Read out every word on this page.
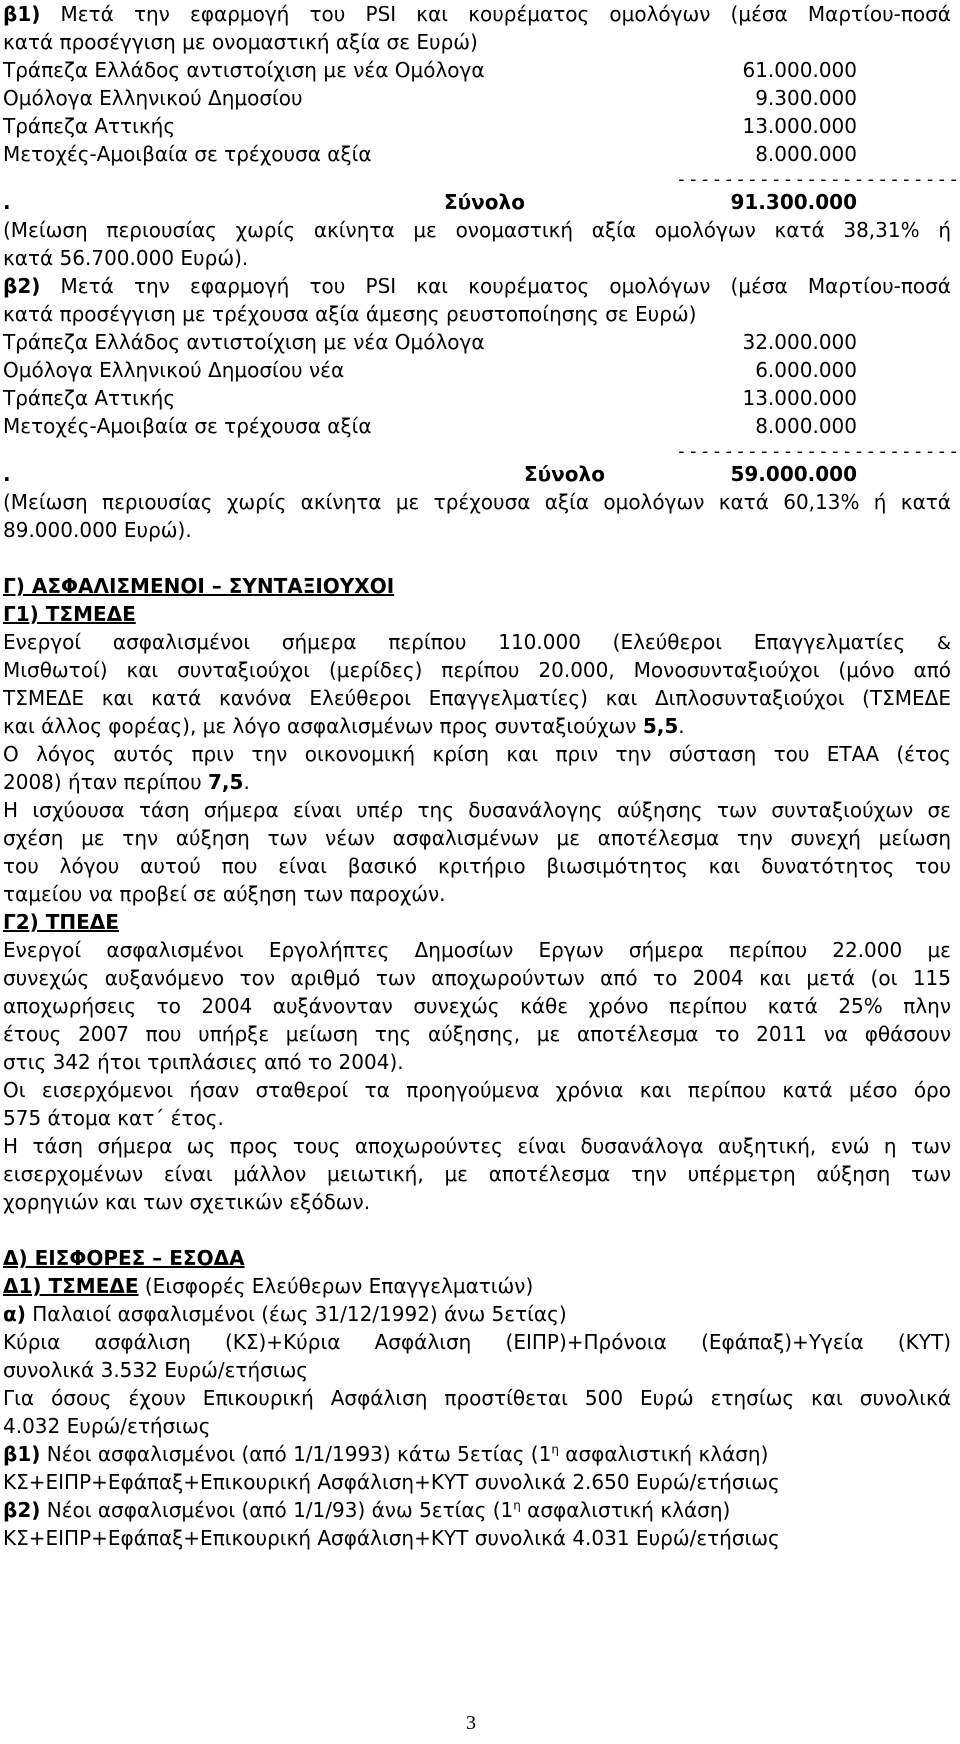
β1) Μετά την εφαρμογή του PSI και κουρέματος ομολόγων (μέσα Μαρτίου-ποσά
κατά προσέγγιση με ονομαστική αξία σε Ευρώ)
Τράπεζα Ελλάδος αντιστοίχιση με νέα Ομόλογα	61.000.000
Ομόλογα Ελληνικού Δημοσίου	9.300.000
Τράπεζα Αττικής	13.000.000
Μετοχές-Αμοιβαία σε τρέχουσα αξία	8.000.000
------------------------
.	Σύνολο	91.300.000
(Μείωση περιουσίας χωρίς ακίνητα με ονομαστική αξία ομολόγων κατά 38,31% ή
κατά 56.700.000 Ευρώ).
β2) Μετά την εφαρμογή του PSI και κουρέματος ομολόγων (μέσα Μαρτίου-ποσά
κατά προσέγγιση με τρέχουσα αξία άμεσης ρευστοποίησης σε Ευρώ)
Τράπεζα Ελλάδος αντιστοίχιση με νέα Ομόλογα	32.000.000
Ομόλογα Ελληνικού Δημοσίου νέα	6.000.000
Τράπεζα Αττικής	13.000.000
Μετοχές-Αμοιβαία σε τρέχουσα αξία	8.000.000
------------------------
.	Σύνολο	59.000.000
(Μείωση περιουσίας χωρίς ακίνητα με τρέχουσα αξία ομολόγων κατά 60,13% ή κατά
89.000.000 Ευρώ).
Γ) ΑΣΦΑΛΙΣΜΕΝΟΙ – ΣΥΝΤΑΞΙΟΥΧΟΙ
Γ1) ΤΣΜΕΔΕ
Ενεργοί ασφαλισμένοι σήμερα περίπου 110.000 (Ελεύθεροι Επαγγελματίες &
Μισθωτοί) και συνταξιούχοι (μερίδες) περίπου 20.000, Μονοσυνταξιούχοι (μόνο από
ΤΣΜΕΔΕ και κατά κανόνα Ελεύθεροι Επαγγελματίες) και Διπλοσυνταξιούχοι (ΤΣΜΕΔΕ
και άλλος φορέας), με λόγο ασφαλισμένων προς συνταξιούχων 5,5.
Ο λόγος αυτός πριν την οικονομική κρίση και πριν την σύσταση του ΕΤΑΑ (έτος
2008) ήταν περίπου 7,5.
Η ισχύουσα τάση σήμερα είναι υπέρ της δυσανάλογης αύξησης των συνταξιούχων σε
σχέση με την αύξηση των νέων ασφαλισμένων με αποτέλεσμα την συνεχή μείωση
του λόγου αυτού που είναι βασικό κριτήριο βιωσιμότητος και δυνατότητος του
ταμείου να προβεί σε αύξηση των παροχών.
Γ2) ΤΠΕΔΕ
Ενεργοί ασφαλισμένοι Εργολήπτες Δημοσίων Εργων σήμερα περίπου 22.000 με
συνεχώς αυξανόμενο τον αριθμό των αποχωρούντων από το 2004 και μετά (οι 115
αποχωρήσεις το 2004 αυξάνονταν συνεχώς κάθε χρόνο περίπου κατά 25% πλην
έτους 2007 που υπήρξε μείωση της αύξησης, με αποτέλεσμα το 2011 να φθάσουν
στις 342 ήτοι τριπλάσιες από το 2004).
Οι εισερχόμενοι ήσαν σταθεροί τα προηγούμενα χρόνια και περίπου κατά μέσο όρο
575 άτομα κατ΄ έτος.
Η τάση σήμερα ως προς τους αποχωρούντες είναι δυσανάλογα αυξητική, ενώ η των
εισερχομένων είναι μάλλον μειωτική, με αποτέλεσμα την υπέρμετρη αύξηση των
χορηγιών και των σχετικών εξόδων.
Δ) ΕΙΣΦΟΡΕΣ – ΕΣΟΔΑ
Δ1) ΤΣΜΕΔΕ (Εισφορές Ελεύθερων Επαγγελματιών)
α) Παλαιοί ασφαλισμένοι (έως 31/12/1992) άνω 5ετίας)
Κύρια ασφάλιση (ΚΣ)+Κύρια Ασφάλιση (ΕΙΠΡ)+Πρόνοια (Εφάπαξ)+Υγεία (ΚΥΤ)
συνολικά 3.532 Ευρώ/ετήσιως
Για όσους έχουν Επικουρική Ασφάλιση προστίθεται 500 Ευρώ ετησίως και συνολικά
4.032 Ευρώ/ετήσιως
β1) Νέοι ασφαλισμένοι (από 1/1/1993) κάτω 5ετίας ($1^\eta$ ασφαλιστική κλάση)
ΚΣ+ΕΙΠΡ+Εφάπαξ+Επικουρική Ασφάλιση+ΚΥΤ συνολικά 2.650 Ευρώ/ετήσιως
β2) Νέοι ασφαλισμένοι (από 1/1/93) άνω 5ετίας ($1^\eta$ ασφαλιστική κλάση)
ΚΣ+ΕΙΠΡ+Εφάπαξ+Επικουρική Ασφάλιση+ΚΥΤ συνολικά 4.031 Ευρώ/ετήσιως
3
